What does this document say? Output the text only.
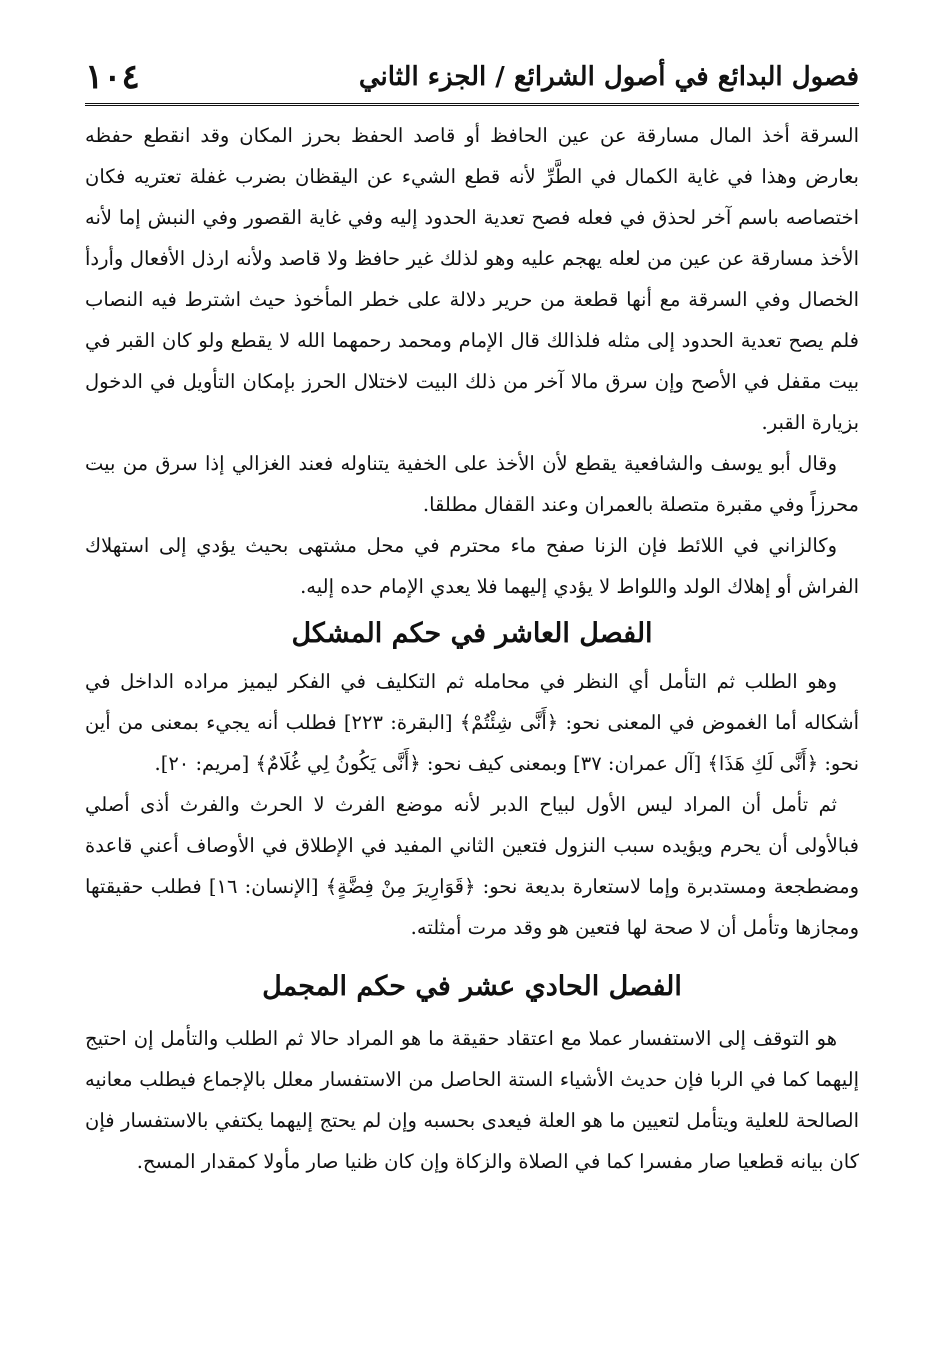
فصول البدائع في أصول الشرائع / الجزء الثاني
١٠٤

السرقة أخذ المال مسارقة عن عين الحافظ أو قاصد الحفظ بحرز المكان وقد انقطع حفظه بعارض وهذا في غاية الكمال في الطَّرِّ لأنه قطع الشيء عن اليقظان بضرب غفلة تعتريه فكان اختصاصه باسم آخر لحذق في فعله فصح تعدية الحدود إليه وفي غاية القصور وفي النبش إما لأنه الأخذ مسارقة عن عين من لعله يهجم عليه وهو لذلك غير حافظ ولا قاصد ولأنه ارذل الأفعال وأردأ الخصال وفي السرقة مع أنها قطعة من حرير دلالة على خطر المأخوذ حيث اشترط فيه النصاب فلم يصح تعدية الحدود إلى مثله فلذالك قال الإمام ومحمد رحمهما الله لا يقطع ولو كان القبر في بيت مقفل في الأصح وإن سرق مالا آخر من ذلك البيت لاختلال الحرز بإمكان التأويل في الدخول بزيارة القبر.

وقال أبو يوسف والشافعية يقطع لأن الأخذ على الخفية يتناوله فعند الغزالي إذا سرق من بيت محرزاً وفي مقبرة متصلة بالعمران وعند القفال مطلقا.

وكالزاني في اللائط فإن الزنا صفح ماء محترم في محل مشتهى بحيث يؤدي إلى استهلاك الفراش أو إهلاك الولد واللواط لا يؤدي إليهما فلا يعدي الإمام حده إليه.

الفصل العاشر في حكم المشكل

وهو الطلب ثم التأمل أي النظر في محامله ثم التكليف في الفكر ليميز مراده الداخل في أشكاله أما الغموض في المعنى نحو: ﴿أَنَّى شِئْتُمْ﴾ [البقرة: ٢٢٣] فطلب أنه يجيء بمعنى من أين نحو: ﴿أَنَّى لَكِ هَذَا﴾ [آل عمران: ٣٧] وبمعنى كيف نحو: ﴿أَنَّى يَكُونُ لِي غُلَامٌ﴾ [مريم: ٢٠].

ثم تأمل أن المراد ليس الأول لبياح الدبر لأنه موضع الفرث لا الحرث والفرث أذى أصلي فبالأولى أن يحرم ويؤيده سبب النزول فتعين الثاني المفيد في الإطلاق في الأوصاف أعني قاعدة ومضطجعة ومستدبرة وإما لاستعارة بديعة نحو: ﴿قَوَارِيرَ مِنْ فِضَّةٍ﴾ [الإنسان: ١٦] فطلب حقيقتها ومجازها وتأمل أن لا صحة لها فتعين هو وقد مرت أمثلته.

الفصل الحادي عشر في حكم المجمل

هو التوقف إلى الاستفسار عملا مع اعتقاد حقيقة ما هو المراد حالا ثم الطلب والتأمل إن احتيج إليهما كما في الربا فإن حديث الأشياء الستة الحاصل من الاستفسار معلل بالإجماع فيطلب معانيه الصالحة للعلية ويتأمل لتعيين ما هو العلة فيعدى بحسبه وإن لم يحتج إليهما يكتفي بالاستفسار فإن كان بيانه قطعيا صار مفسرا كما في الصلاة والزكاة وإن كان ظنيا صار مأولا كمقدار المسح.
